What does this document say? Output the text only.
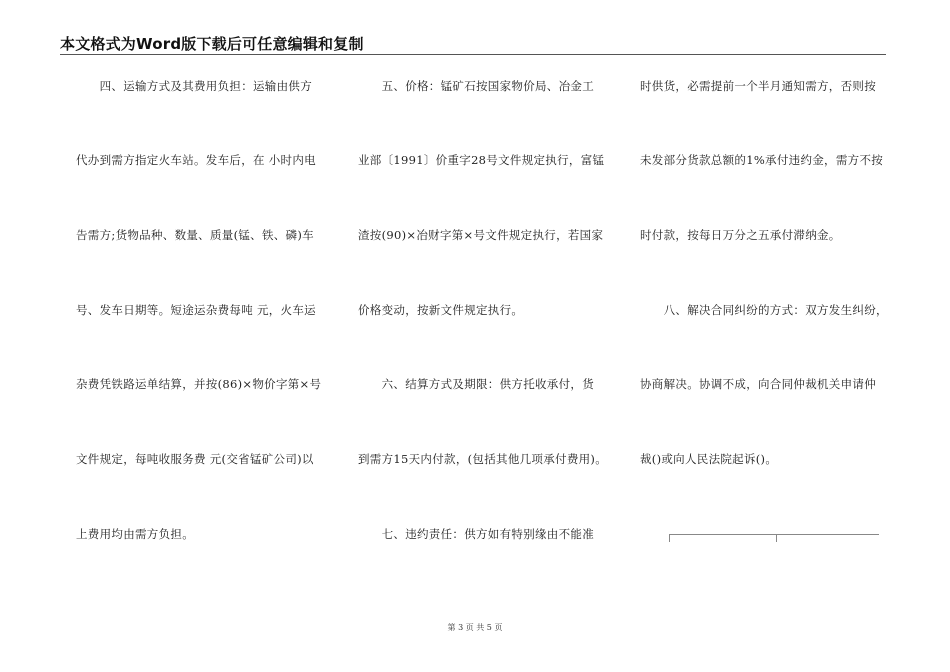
本文格式为Word版下载后可任意编辑和复制
　　四、运输方式及其费用负担：运输由供方
代办到需方指定火车站。发车后，在 小时内电
告需方;货物品种、数量、质量(锰、铁、磷)车
号、发车日期等。短途运杂费每吨 元，火车运
杂费凭铁路运单结算，并按(86)×物价字第×号
文件规定，每吨收服务费 元(交省锰矿公司)以
上费用均由需方负担。
　　五、价格：锰矿石按国家物价局、冶金工
业部〔1991〕价重字28号文件规定执行，富锰
渣按(90)×冶财字第×号文件规定执行，若国家
价格变动，按新文件规定执行。
　　六、结算方式及期限：供方托收承付，货
到需方15天内付款，(包括其他几项承付费用)。
　　七、违约责任：供方如有特别缘由不能准
时供货，必需提前一个半月通知需方，否则按
未发部分货款总额的1%承付违约金，需方不按
时付款，按每日万分之五承付滞纳金。
　　八、解决合同纠纷的方式：双方发生纠纷，
协商解决。协调不成，向合同仲裁机关申请仲
裁()或向人民法院起诉()。
第 3 页 共 5 页
